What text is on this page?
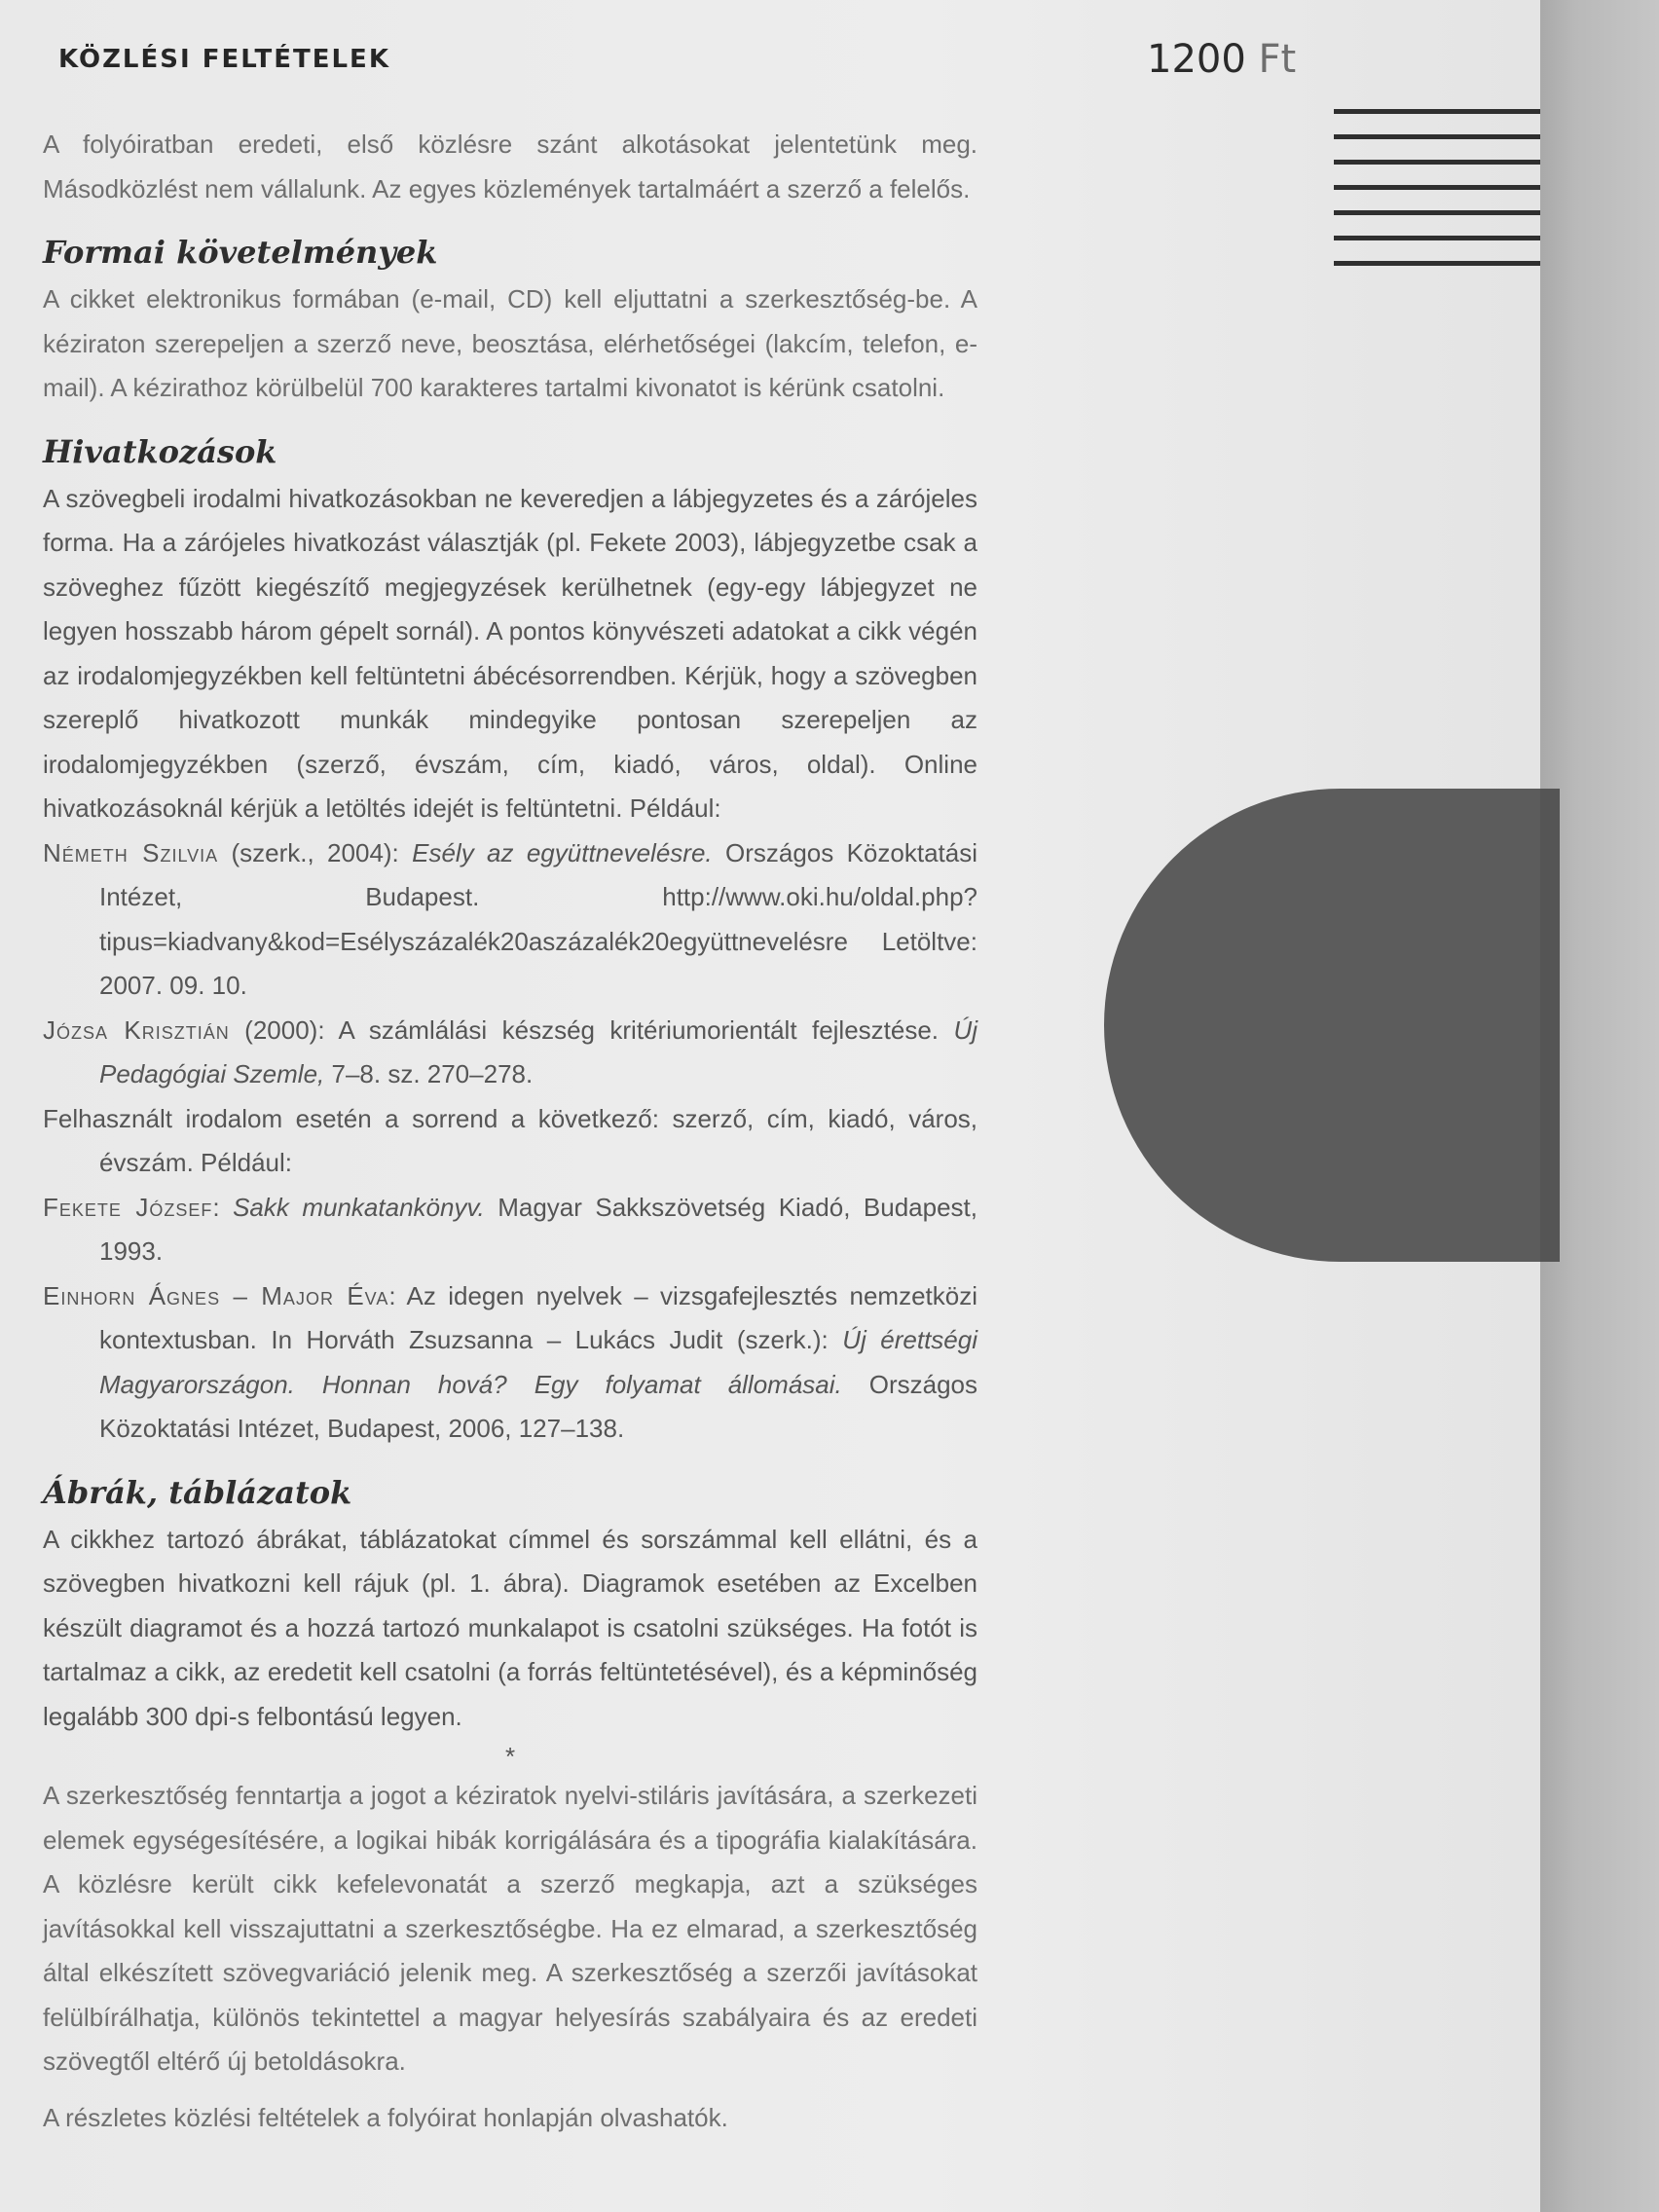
KÖZLÉSI FELTÉTELEK	1200 Ft

A folyóiratban eredeti, első közlésre szánt alkotásokat jelentetünk meg. Másodközlést nem vállalunk. Az egyes közlemények tartalmáért a szerző a felelős.

Formai követelmények

A cikket elektronikus formában (e-mail, CD) kell eljuttatni a szerkesztőség-be. A kéziraton szerepeljen a szerző neve, beosztása, elérhetőségei (lakcím, telefon, e-mail). A kézirathoz körülbelül 700 karakteres tartalmi kivonatot is kérünk csatolni.

Hivatkozások

A szövegbeli irodalmi hivatkozásokban ne keveredjen a lábjegyzetes és a zárójeles forma. Ha a zárójeles hivatkozást választják (pl. Fekete 2003), lábjegyzetbe csak a szöveghez fűzött kiegészítő megjegyzések kerülhetnek (egy-egy lábjegyzet ne legyen hosszabb három gépelt sornál). A pontos könyvészeti adatokat a cikk végén az irodalomjegyzékben kell feltüntetni ábécésorrendben. Kérjük, hogy a szövegben szereplő hivatkozott munkák mindegyike pontosan szerepeljen az irodalomjegyzékben (szerző, évszám, cím, kiadó, város, oldal). Online hivatkozásoknál kérjük a letöltés idejét is feltüntetni. Például:

Németh Szilvia (szerk., 2004): Esély az együttnevelésre. Országos Közoktatási Intézet, Budapest. http://www.oki.hu/oldal.php?tipus=kiadvany&kod=Esélyszázalék20aszázalék20együttnevelésre Letöltve: 2007. 09. 10.

Józsa Krisztián (2000): A számlálási készség kritériumorientált fejlesztése. Új Pedagógiai Szemle, 7–8. sz. 270–278.

Felhasznált irodalom esetén a sorrend a következő: szerző, cím, kiadó, város, évszám. Például:

Fekete József: Sakk munkatankönyv. Magyar Sakkszövetség Kiadó, Budapest, 1993.

Einhorn Ágnes – Major Éva: Az idegen nyelvek – vizsgafejlesztés nemzetközi kontextusban. In Horváth Zsuzsanna – Lukács Judit (szerk.): Új érettségi Magyarországon. Honnan hová? Egy folyamat állomásai. Országos Közoktatási Intézet, Budapest, 2006, 127–138.

Ábrák, táblázatok

A cikkhez tartozó ábrákat, táblázatokat címmel és sorszámmal kell ellátni, és a szövegben hivatkozni kell rájuk (pl. 1. ábra). Diagramok esetében az Excelben készült diagramot és a hozzá tartozó munkalapot is csatolni szükséges. Ha fotót is tartalmaz a cikk, az eredetit kell csatolni (a forrás feltüntetésével), és a képminőség legalább 300 dpi-s felbontású legyen.

*

A szerkesztőség fenntartja a jogot a kéziratok nyelvi-stiláris javítására, a szerkezeti elemek egységesítésére, a logikai hibák korrigálására és a tipográfia kialakítására. A közlésre került cikk kefelevonatát a szerző megkapja, azt a szükséges javításokkal kell visszajuttatni a szerkesztőségbe. Ha ez elmarad, a szerkesztőség által elkészített szövegvariáció jelenik meg. A szerkesztőség a szerzői javításokat felülbírálhatja, különös tekintettel a magyar helyesírás szabályaira és az eredeti szövegtől eltérő új betoldásokra.

A részletes közlési feltételek a folyóirat honlapján olvashatók.
